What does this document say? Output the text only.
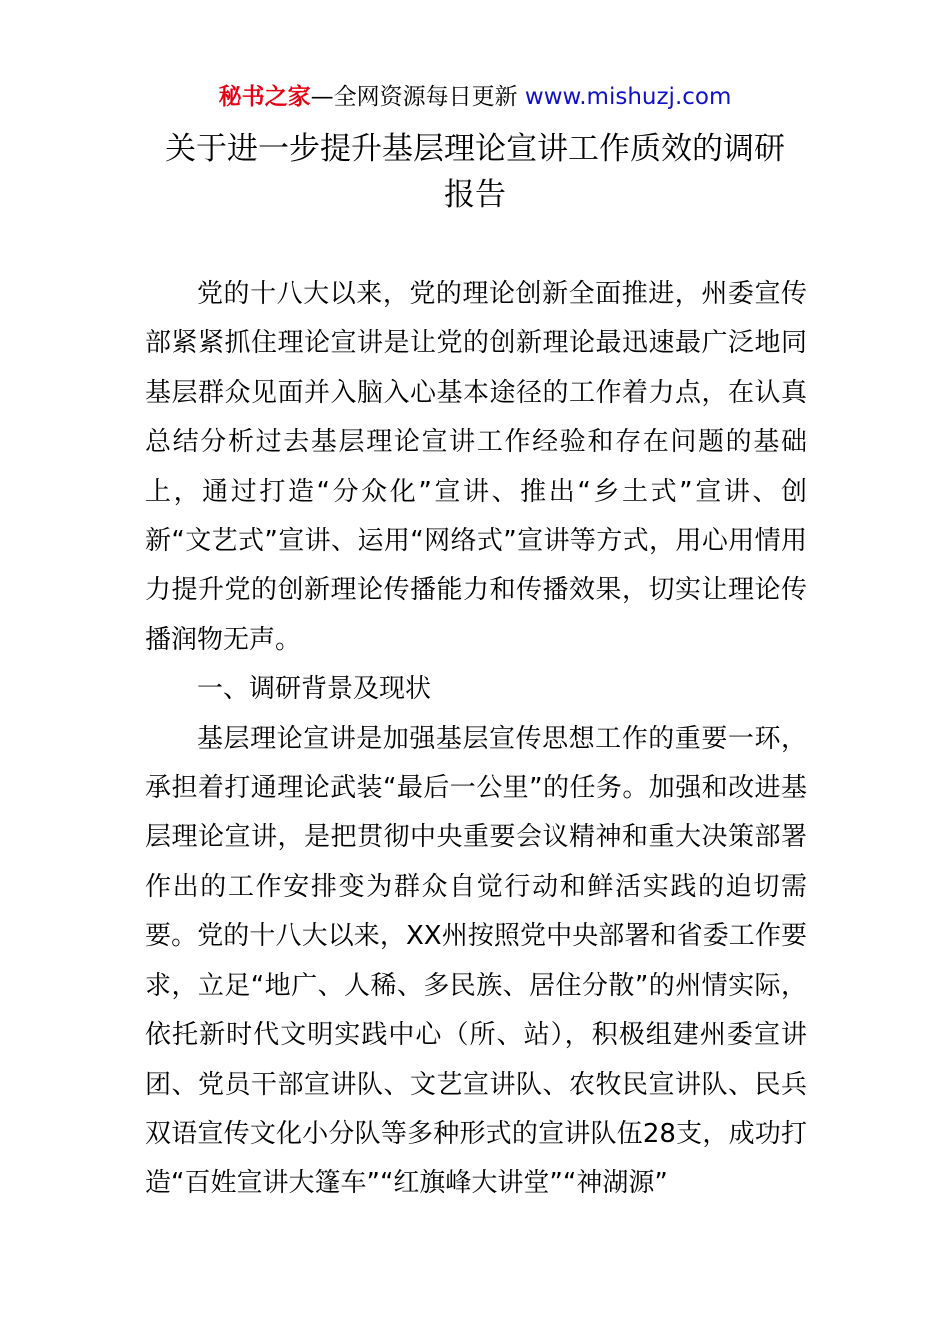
秘书之家—全网资源每日更新 www.mishuzj.com
关于进一步提升基层理论宣讲工作质效的调研
报告

党的十八大以来，党的理论创新全面推进，州委宣传部紧紧抓住理论宣讲是让党的创新理论最迅速最广泛地同基层群众见面并入脑入心基本途径的工作着力点，在认真总结分析过去基层理论宣讲工作经验和存在问题的基础上，通过打造“分众化”宣讲、推出“乡土式”宣讲、创新“文艺式”宣讲、运用“网络式”宣讲等方式，用心用情用力提升党的创新理论传播能力和传播效果，切实让理论传播润物无声。

一、调研背景及现状

基层理论宣讲是加强基层宣传思想工作的重要一环，承担着打通理论武装“最后一公里”的任务。加强和改进基层理论宣讲，是把贯彻中央重要会议精神和重大决策部署作出的工作安排变为群众自觉行动和鲜活实践的迫切需要。党的十八大以来，XX州按照党中央部署和省委工作要求，立足“地广、人稀、多民族、居住分散”的州情实际，依托新时代文明实践中心（所、站），积极组建州委宣讲团、党员干部宣讲队、文艺宣讲队、农牧民宣讲队、民兵双语宣传文化小分队等多种形式的宣讲队伍28支，成功打造“百姓宣讲大篷车”“红旗峰大讲堂”“神湖源”
